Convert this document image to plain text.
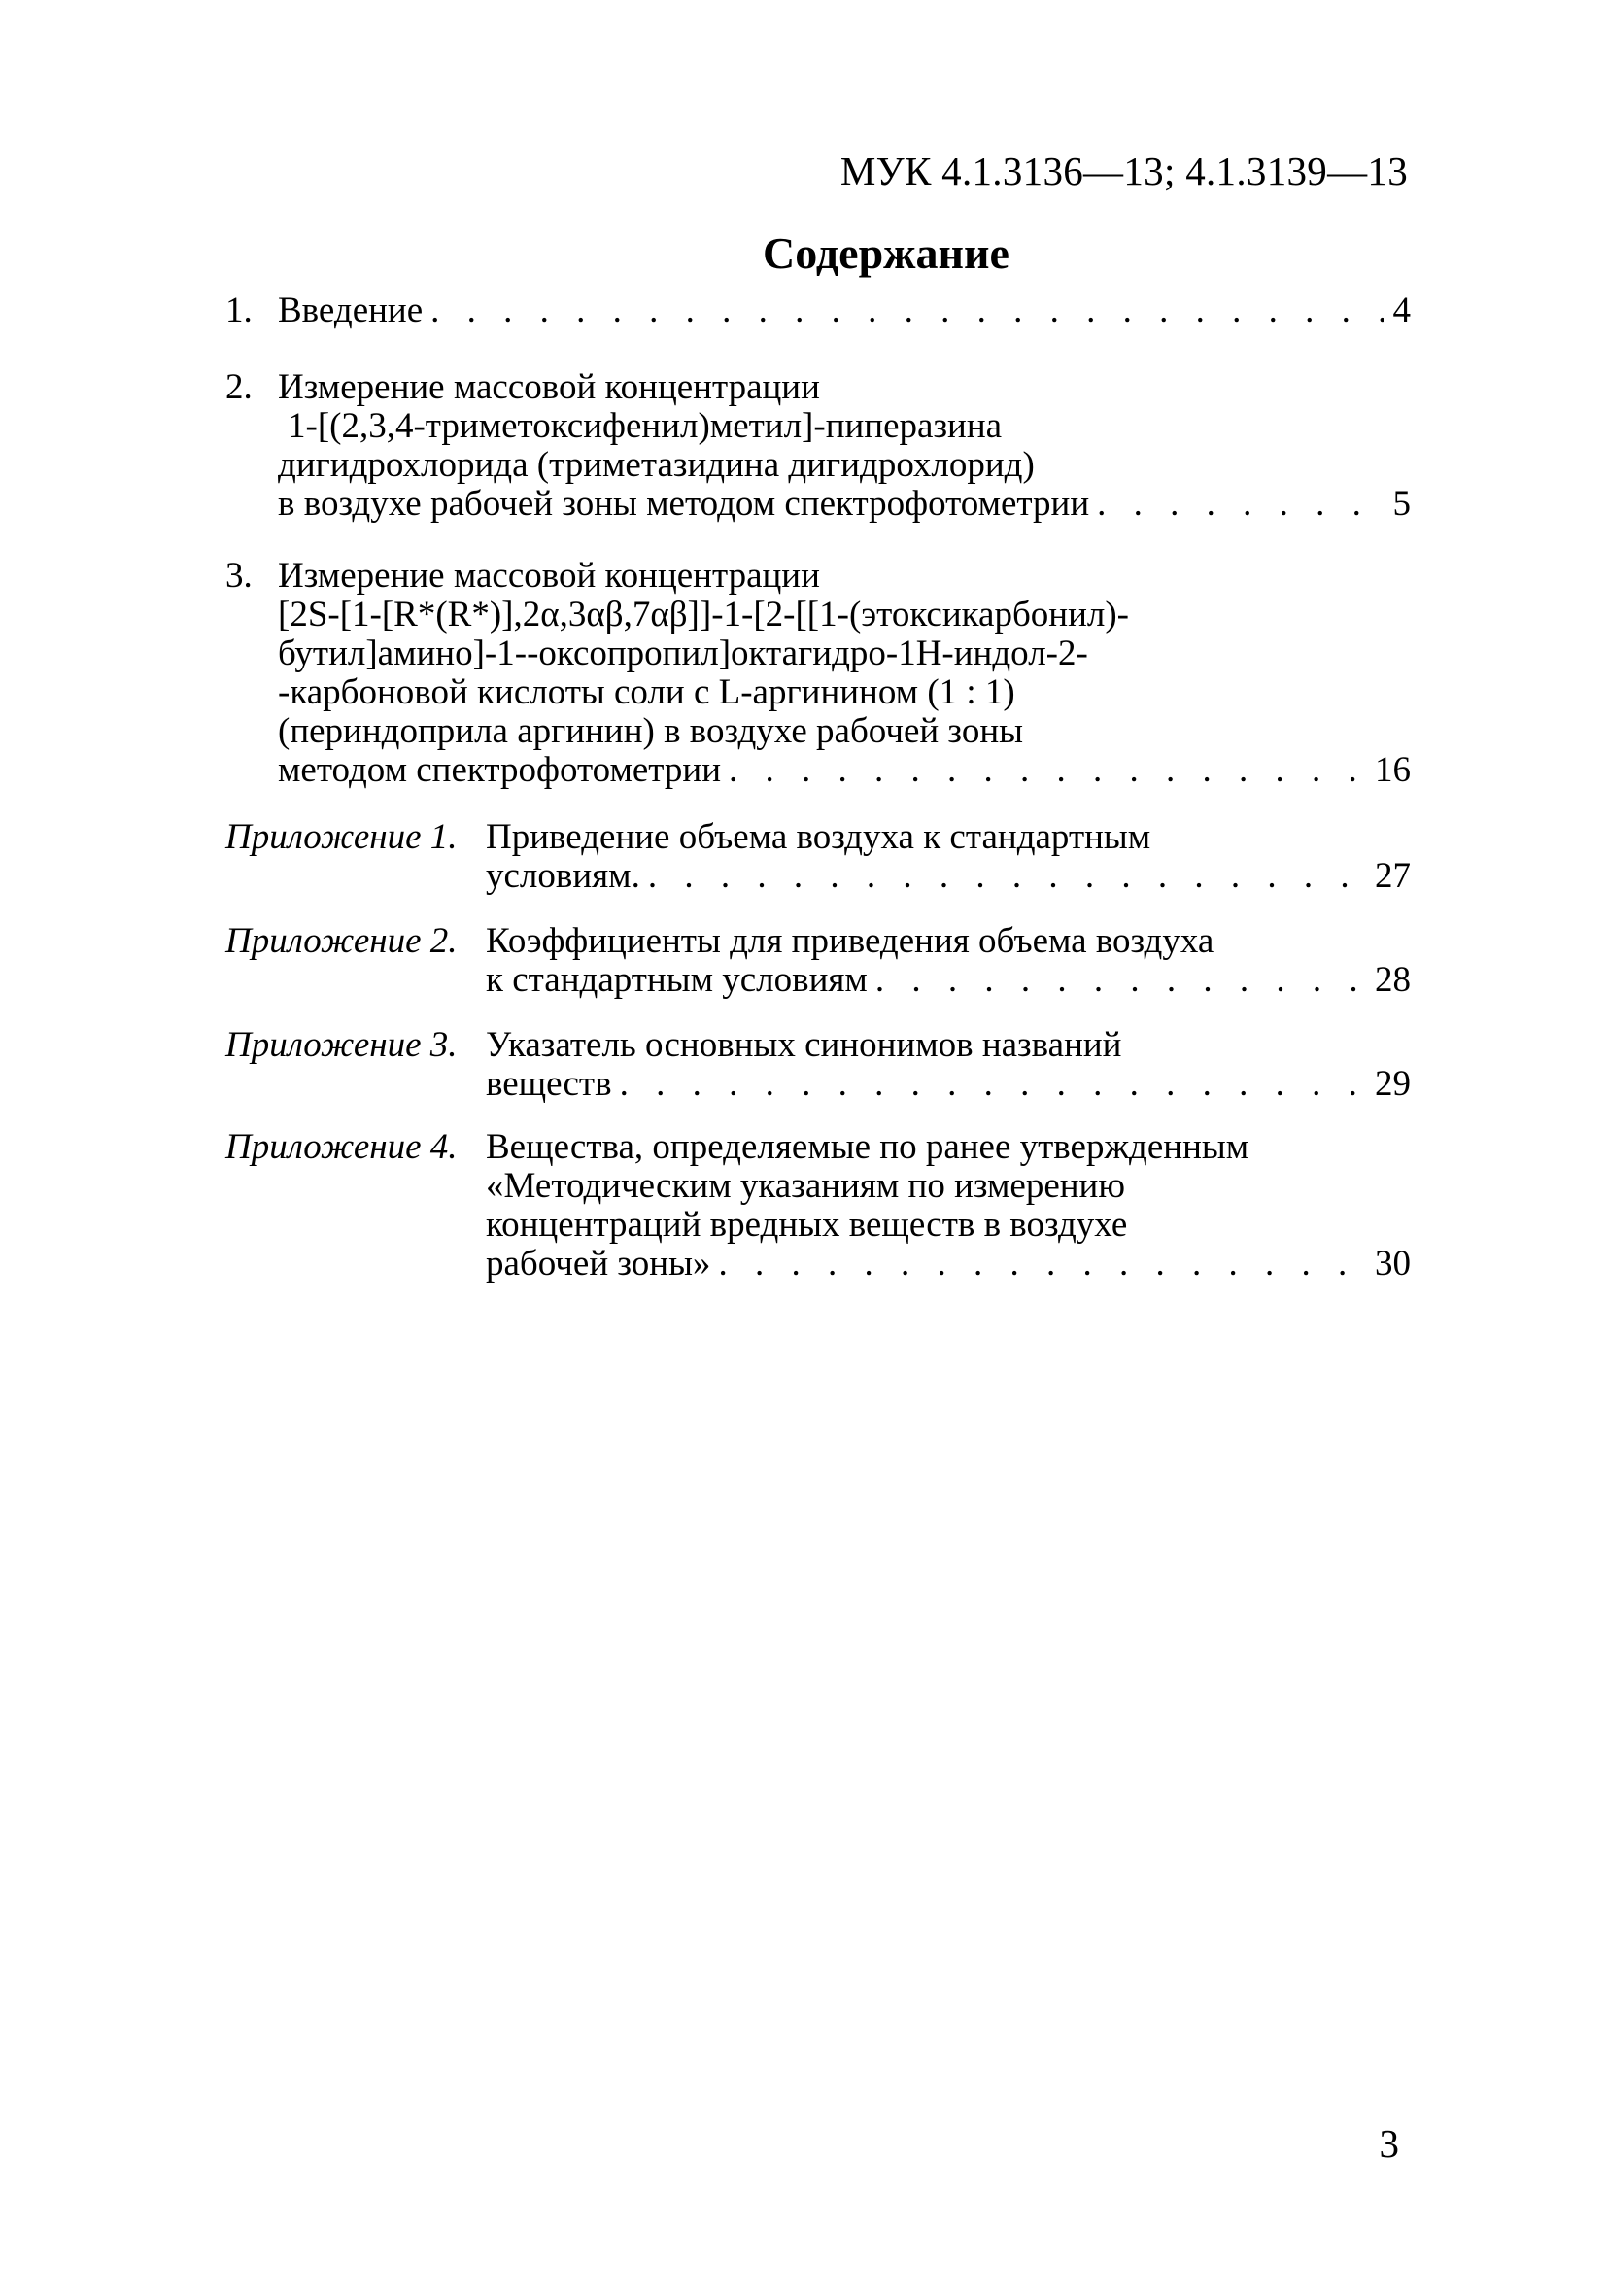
МУК 4.1.3136—13; 4.1.3139—13
Содержание
1. Введение . . .	4
2. Измерение массовой концентрации
1-[(2,3,4-триметоксифенил)метил]-пиперазина
дигидрохлорида (триметазидина дигидрохлорид)
в воздухе рабочей зоны методом спектрофотометрии . . .	5
3. Измерение массовой концентрации
[2S-[1-[R*(R*)],2α,3αβ,7αβ]]-1-[2-[[1-(этоксикарбонил)-
бутил]амино]-1--оксопропил]октагидро-1H-индол-2-
-карбоновой кислоты соли с L-аргинином (1 : 1)
(периндоприла аргинин) в воздухе рабочей зоны
методом спектрофотометрии . . .	16
Приложение 1. Приведение объема воздуха к стандартным
условиям. . . .	27
Приложение 2. Коэффициенты для приведения объема воздуха
к стандартным условиям . . .	28
Приложение 3. Указатель основных синонимов названий
веществ . . .	29
Приложение 4. Вещества, определяемые по ранее утвержденным
«Методическим указаниям по измерению
концентраций вредных веществ в воздухе
рабочей зоны» . . .	30
3
